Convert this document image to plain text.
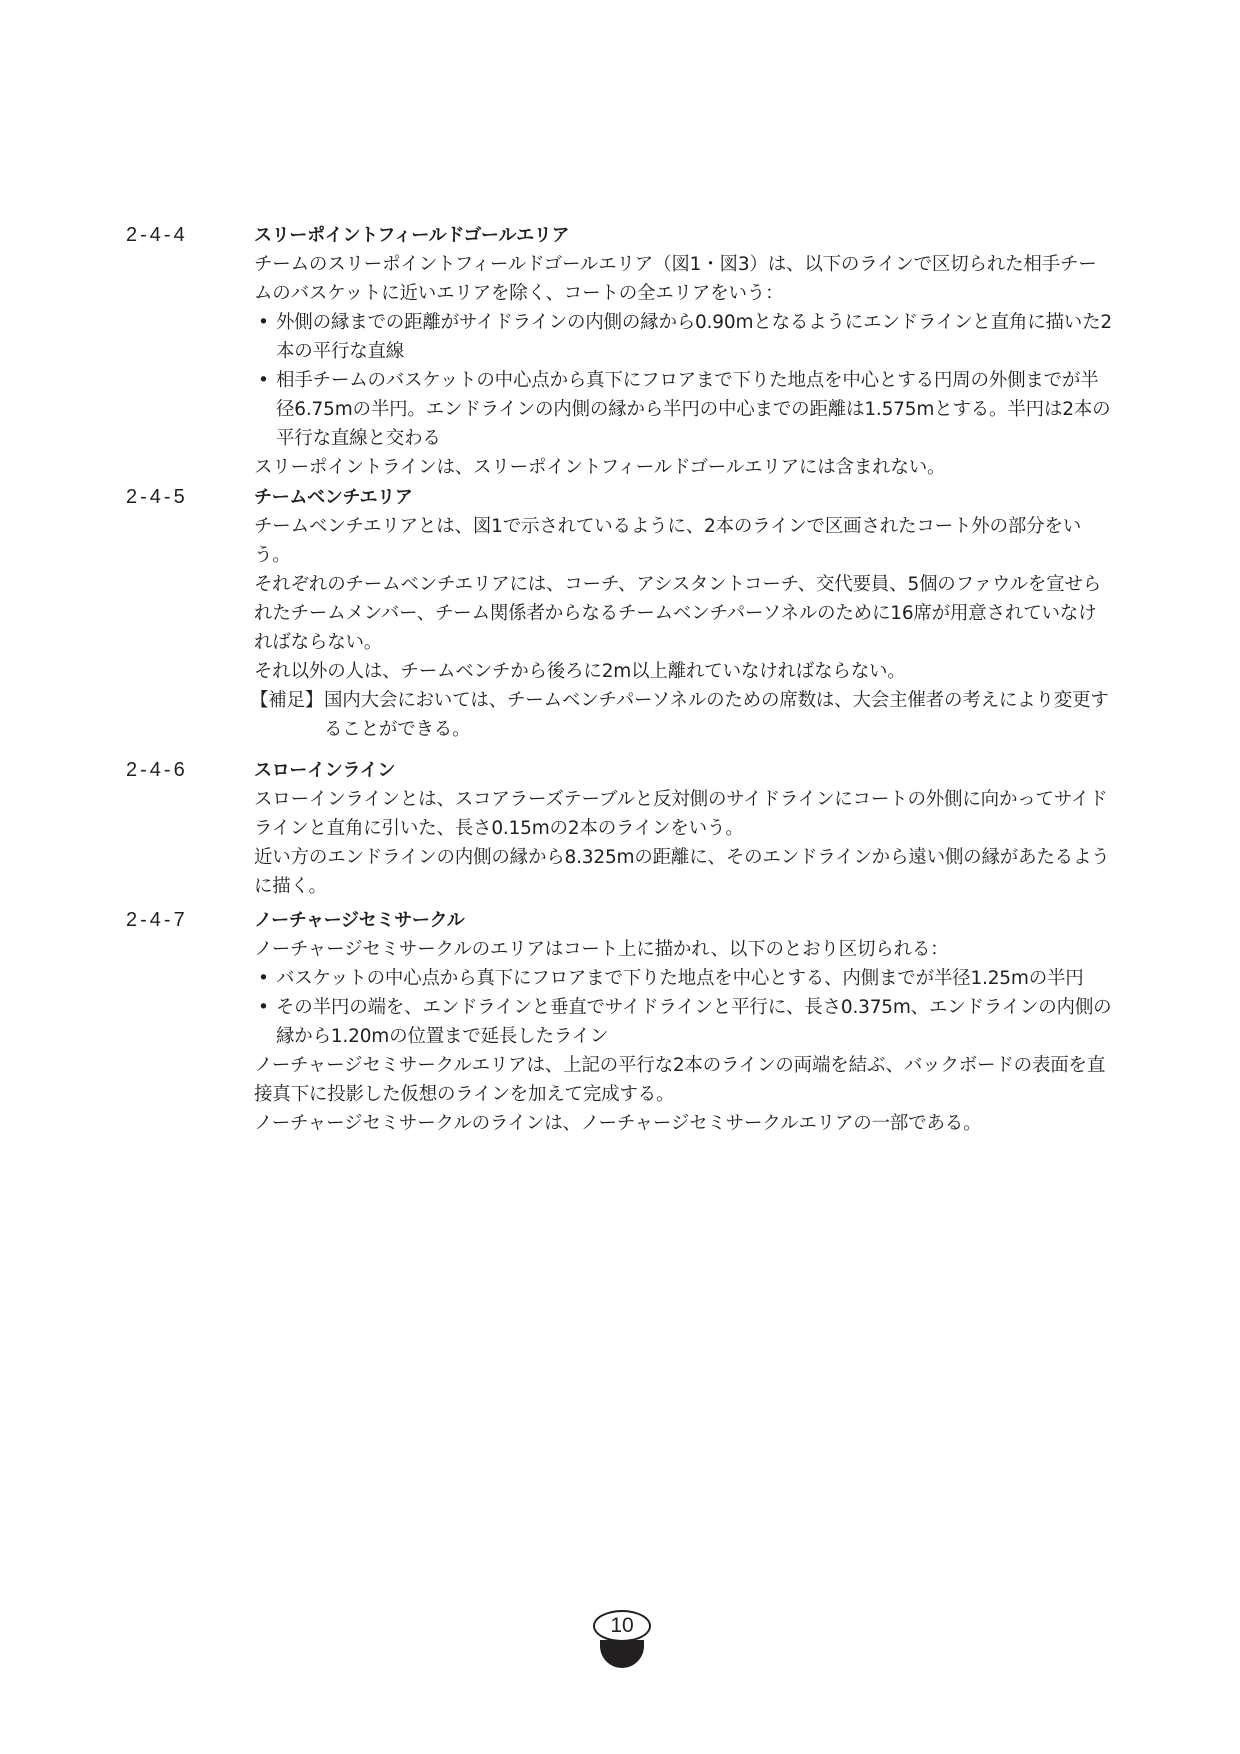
2-4-4	スリーポイントフィールドゴールエリア

チームのスリーポイントフィールドゴールエリア（図1・図3）は、以下のラインで区切られた相手チームのバスケットに近いエリアを除く、コートの全エリアをいう：

• 外側の縁までの距離がサイドラインの内側の縁から0.90mとなるようにエンドラインと直角に描いた2本の平行な直線
• 相手チームのバスケットの中心点から真下にフロアまで下りた地点を中心とする円周の外側までが半径6.75mの半円。エンドラインの内側の縁から半円の中心までの距離は1.575mとする。半円は2本の平行な直線と交わる

スリーポイントラインは、スリーポイントフィールドゴールエリアには含まれない。

2-4-5	チームベンチエリア

チームベンチエリアとは、図1で示されているように、2本のラインで区画されたコート外の部分をいう。

それぞれのチームベンチエリアには、コーチ、アシスタントコーチ、交代要員、5個のファウルを宣せられたチームメンバー、チーム関係者からなるチームベンチパーソネルのために16席が用意されていなければならない。

それ以外の人は、チームベンチから後ろに2m以上離れていなければならない。

【補足】 国内大会においては、チームベンチパーソネルのための席数は、大会主催者の考えにより変更することができる。
2-4-6	スローインライン

スローインラインとは、スコアラーズテーブルと反対側のサイドラインにコートの外側に向かってサイドラインと直角に引いた、長さ0.15mの2本のラインをいう。

近い方のエンドラインの内側の縁から8.325mの距離に、そのエンドラインから遠い側の縁があたるように描く。

2-4-7	ノーチャージセミサークル

ノーチャージセミサークルのエリアはコート上に描かれ、以下のとおり区切られる：

• バスケットの中心点から真下にフロアまで下りた地点を中心とする、内側までが半径1.25mの半円
• その半円の端を、エンドラインと垂直でサイドラインと平行に、長さ0.375m、エンドラインの内側の縁から1.20mの位置まで延長したライン

ノーチャージセミサークルエリアは、上記の平行な2本のラインの両端を結ぶ、バックボードの表面を直接真下に投影した仮想のラインを加えて完成する。

ノーチャージセミサークルのラインは、ノーチャージセミサークルエリアの一部である。

10
